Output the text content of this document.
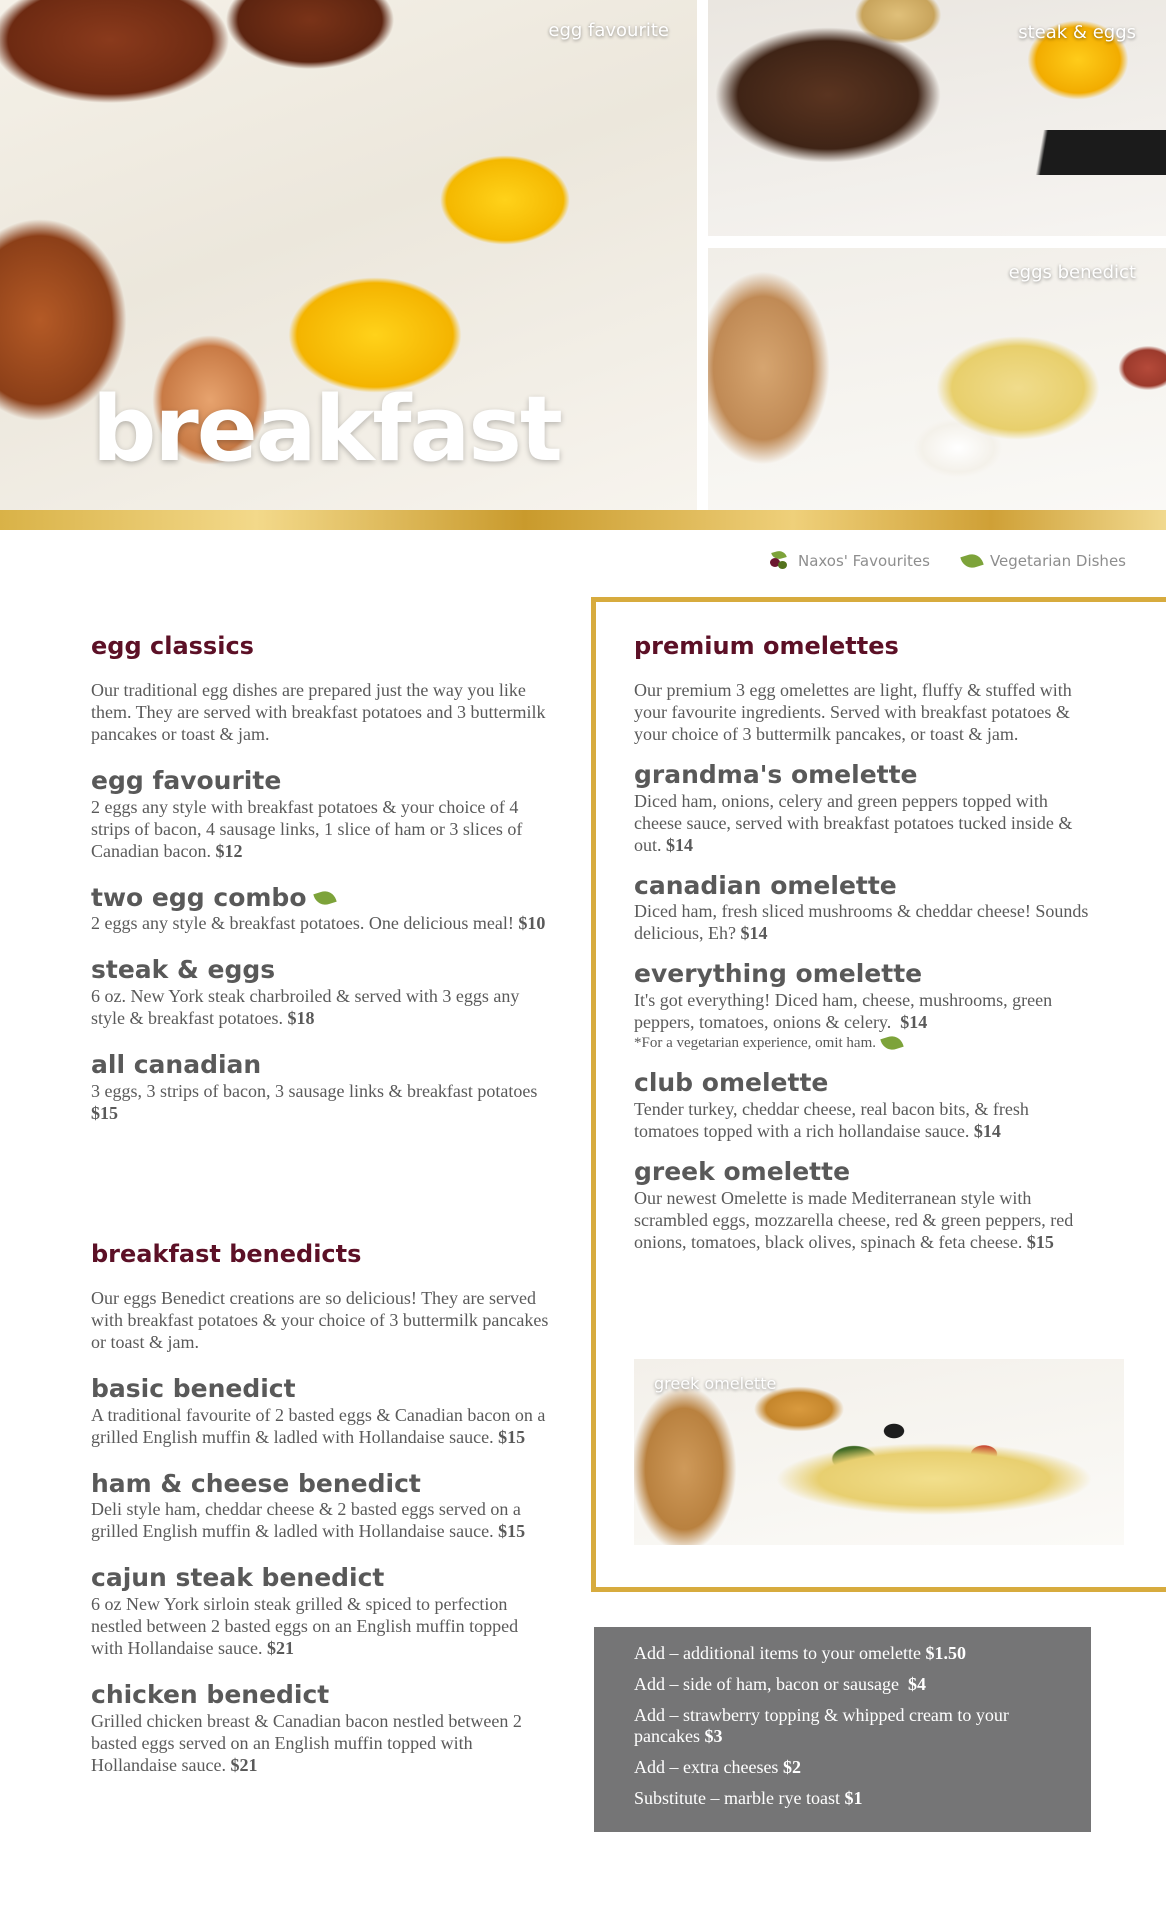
egg favourite
breakfast
steak & eggs
eggs benedict
Naxos' Favourites	Vegetarian Dishes
egg classics
Our traditional egg dishes are prepared just the way you like them. They are served with breakfast potatoes and 3 buttermilk pancakes or toast & jam.
egg favourite
2 eggs any style with breakfast potatoes & your choice of 4 strips of bacon, 4 sausage links, 1 slice of ham or 3 slices of Canadian bacon. $12
two egg combo
2 eggs any style & breakfast potatoes. One delicious meal! $10
steak & eggs
6 oz. New York steak charbroiled & served with 3 eggs any style & breakfast potatoes. $18
all canadian
3 eggs, 3 strips of bacon, 3 sausage links & breakfast potatoes $15
breakfast benedicts
Our eggs Benedict creations are so delicious! They are served with breakfast potatoes & your choice of 3 buttermilk pancakes or toast & jam.
basic benedict
A traditional favourite of 2 basted eggs & Canadian bacon on a grilled English muffin & ladled with Hollandaise sauce. $15
ham & cheese benedict
Deli style ham, cheddar cheese & 2 basted eggs served on a grilled English muffin & ladled with Hollandaise sauce. $15
cajun steak benedict
6 oz New York sirloin steak grilled & spiced to perfection nestled between 2 basted eggs on an English muffin topped with Hollandaise sauce. $21
chicken benedict
Grilled chicken breast & Canadian bacon nestled between 2 basted eggs served on an English muffin topped with Hollandaise sauce. $21
premium omelettes
Our premium 3 egg omelettes are light, fluffy & stuffed with your favourite ingredients. Served with breakfast potatoes & your choice of 3 buttermilk pancakes, or toast & jam.
grandma's omelette
Diced ham, onions, celery and green peppers topped with cheese sauce, served with breakfast potatoes tucked inside & out. $14
canadian omelette
Diced ham, fresh sliced mushrooms & cheddar cheese! Sounds delicious, Eh? $14
everything omelette
It's got everything! Diced ham, cheese, mushrooms, green peppers, tomatoes, onions & celery. $14
*For a vegetarian experience, omit ham.
club omelette
Tender turkey, cheddar cheese, real bacon bits, & fresh tomatoes topped with a rich hollandaise sauce. $14
greek omelette
Our newest Omelette is made Mediterranean style with scrambled eggs, mozzarella cheese, red & green peppers, red onions, tomatoes, black olives, spinach & feta cheese. $15
greek omelette
Add – additional items to your omelette $1.50
Add – side of ham, bacon or sausage $4
Add – strawberry topping & whipped cream to your pancakes $3
Add – extra cheeses $2
Substitute – marble rye toast $1
